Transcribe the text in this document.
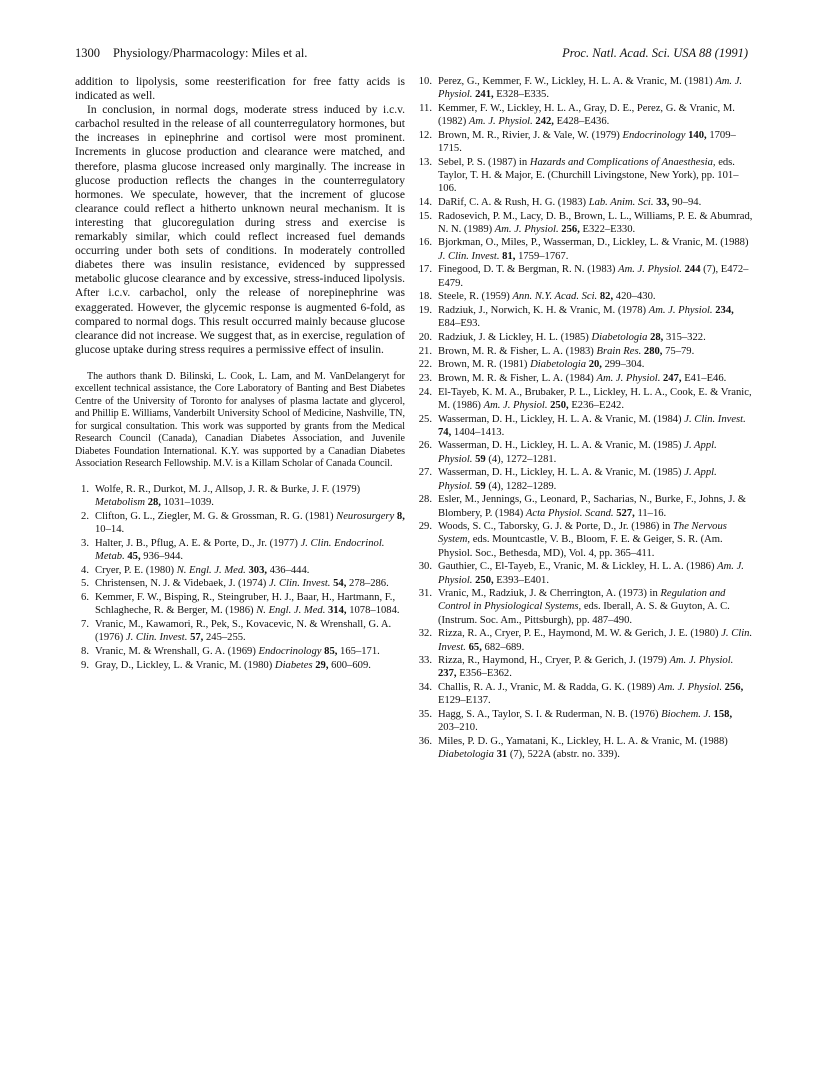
1300 Physiology/Pharmacology: Miles et al.	Proc. Natl. Acad. Sci. USA 88 (1991)

addition to lipolysis, some reesterification for free fatty acids is indicated as well.

In conclusion, in normal dogs, moderate stress induced by i.c.v. carbachol resulted in the release of all counterregulatory hormones, but the increases in epinephrine and cortisol were most prominent. Increments in glucose production and clearance were matched, and therefore, plasma glucose increased only marginally. The increase in glucose production reflects the changes in the counterregulatory hormones. We speculate, however, that the increment of glucose clearance could reflect a hitherto unknown neural mechanism. It is interesting that glucoregulation during stress and exercise is remarkably similar, which could reflect increased fuel demands occurring under both sets of conditions. In moderately controlled diabetes there was insulin resistance, evidenced by suppressed metabolic glucose clearance and by excessive, stress-induced lipolysis. After i.c.v. carbachol, only the release of norepinephrine was exaggerated. However, the glycemic response is augmented 6-fold, as compared to normal dogs. This result occurred mainly because glucose clearance did not increase. We suggest that, as in exercise, regulation of glucose uptake during stress requires a permissive effect of insulin.

The authors thank D. Bilinski, L. Cook, L. Lam, and M. VanDelangeryt for excellent technical assistance, the Core Laboratory of Banting and Best Diabetes Centre of the University of Toronto for analyses of plasma lactate and glycerol, and Phillip E. Williams, Vanderbilt University School of Medicine, Nashville, TN, for surgical consultation. This work was supported by grants from the Medical Research Council (Canada), Canadian Diabetes Association, and Juvenile Diabetes Foundation International. K.Y. was supported by a Canadian Diabetes Association Research Fellowship. M.V. is a Killam Scholar of Canada Council.

1. Wolfe, R. R., Durkot, M. J., Allsop, J. R. & Burke, J. F. (1979) Metabolism 28, 1031–1039.
2. Clifton, G. L., Ziegler, M. G. & Grossman, R. G. (1981) Neurosurgery 8, 10–14.
3. Halter, J. B., Pflug, A. E. & Porte, D., Jr. (1977) J. Clin. Endocrinol. Metab. 45, 936–944.
4. Cryer, P. E. (1980) N. Engl. J. Med. 303, 436–444.
5. Christensen, N. J. & Videbaek, J. (1974) J. Clin. Invest. 54, 278–286.
6. Kemmer, F. W., Bisping, R., Steingruber, H. J., Baar, H., Hartmann, F., Schlagheche, R. & Berger, M. (1986) N. Engl. J. Med. 314, 1078–1084.
7. Vranic, M., Kawamori, R., Pek, S., Kovacevic, N. & Wrenshall, G. A. (1976) J. Clin. Invest. 57, 245–255.
8. Vranic, M. & Wrenshall, G. A. (1969) Endocrinology 85, 165–171.
9. Gray, D., Lickley, L. & Vranic, M. (1980) Diabetes 29, 600–609.
10. Perez, G., Kemmer, F. W., Lickley, H. L. A. & Vranic, M. (1981) Am. J. Physiol. 241, E328–E335.
11. Kemmer, F. W., Lickley, H. L. A., Gray, D. E., Perez, G. & Vranic, M. (1982) Am. J. Physiol. 242, E428–E436.
12. Brown, M. R., Rivier, J. & Vale, W. (1979) Endocrinology 140, 1709–1715.
13. Sebel, P. S. (1987) in Hazards and Complications of Anaesthesia, eds. Taylor, T. H. & Major, E. (Churchill Livingstone, New York), pp. 101–106.
14. DaRif, C. A. & Rush, H. G. (1983) Lab. Anim. Sci. 33, 90–94.
15. Radosevich, P. M., Lacy, D. B., Brown, L. L., Williams, P. E. & Abumrad, N. N. (1989) Am. J. Physiol. 256, E322–E330.
16. Bjorkman, O., Miles, P., Wasserman, D., Lickley, L. & Vranic, M. (1988) J. Clin. Invest. 81, 1759–1767.
17. Finegood, D. T. & Bergman, R. N. (1983) Am. J. Physiol. 244 (7), E472–E479.
18. Steele, R. (1959) Ann. N.Y. Acad. Sci. 82, 420–430.
19. Radziuk, J., Norwich, K. H. & Vranic, M. (1978) Am. J. Physiol. 234, E84–E93.
20. Radziuk, J. & Lickley, H. L. (1985) Diabetologia 28, 315–322.
21. Brown, M. R. & Fisher, L. A. (1983) Brain Res. 280, 75–79.
22. Brown, M. R. (1981) Diabetologia 20, 299–304.
23. Brown, M. R. & Fisher, L. A. (1984) Am. J. Physiol. 247, E41–E46.
24. El-Tayeb, K. M. A., Brubaker, P. L., Lickley, H. L. A., Cook, E. & Vranic, M. (1986) Am. J. Physiol. 250, E236–E242.
25. Wasserman, D. H., Lickley, H. L. A. & Vranic, M. (1984) J. Clin. Invest. 74, 1404–1413.
26. Wasserman, D. H., Lickley, H. L. A. & Vranic, M. (1985) J. Appl. Physiol. 59 (4), 1272–1281.
27. Wasserman, D. H., Lickley, H. L. A. & Vranic, M. (1985) J. Appl. Physiol. 59 (4), 1282–1289.
28. Esler, M., Jennings, G., Leonard, P., Sacharias, N., Burke, F., Johns, J. & Blombery, P. (1984) Acta Physiol. Scand. 527, 11–16.
29. Woods, S. C., Taborsky, G. J. & Porte, D., Jr. (1986) in The Nervous System, eds. Mountcastle, V. B., Bloom, F. E. & Geiger, S. R. (Am. Physiol. Soc., Bethesda, MD), Vol. 4, pp. 365–411.
30. Gauthier, C., El-Tayeb, E., Vranic, M. & Lickley, H. L. A. (1986) Am. J. Physiol. 250, E393–E401.
31. Vranic, M., Radziuk, J. & Cherrington, A. (1973) in Regulation and Control in Physiological Systems, eds. Iberall, A. S. & Guyton, A. C. (Instrum. Soc. Am., Pittsburgh), pp. 487–490.
32. Rizza, R. A., Cryer, P. E., Haymond, M. W. & Gerich, J. E. (1980) J. Clin. Invest. 65, 682–689.
33. Rizza, R., Haymond, H., Cryer, P. & Gerich, J. (1979) Am. J. Physiol. 237, E356–E362.
34. Challis, R. A. J., Vranic, M. & Radda, G. K. (1989) Am. J. Physiol. 256, E129–E137.
35. Hagg, S. A., Taylor, S. I. & Ruderman, N. B. (1976) Biochem. J. 158, 203–210.
36. Miles, P. D. G., Yamatani, K., Lickley, H. L. A. & Vranic, M. (1988) Diabetologia 31 (7), 522A (abstr. no. 339).
